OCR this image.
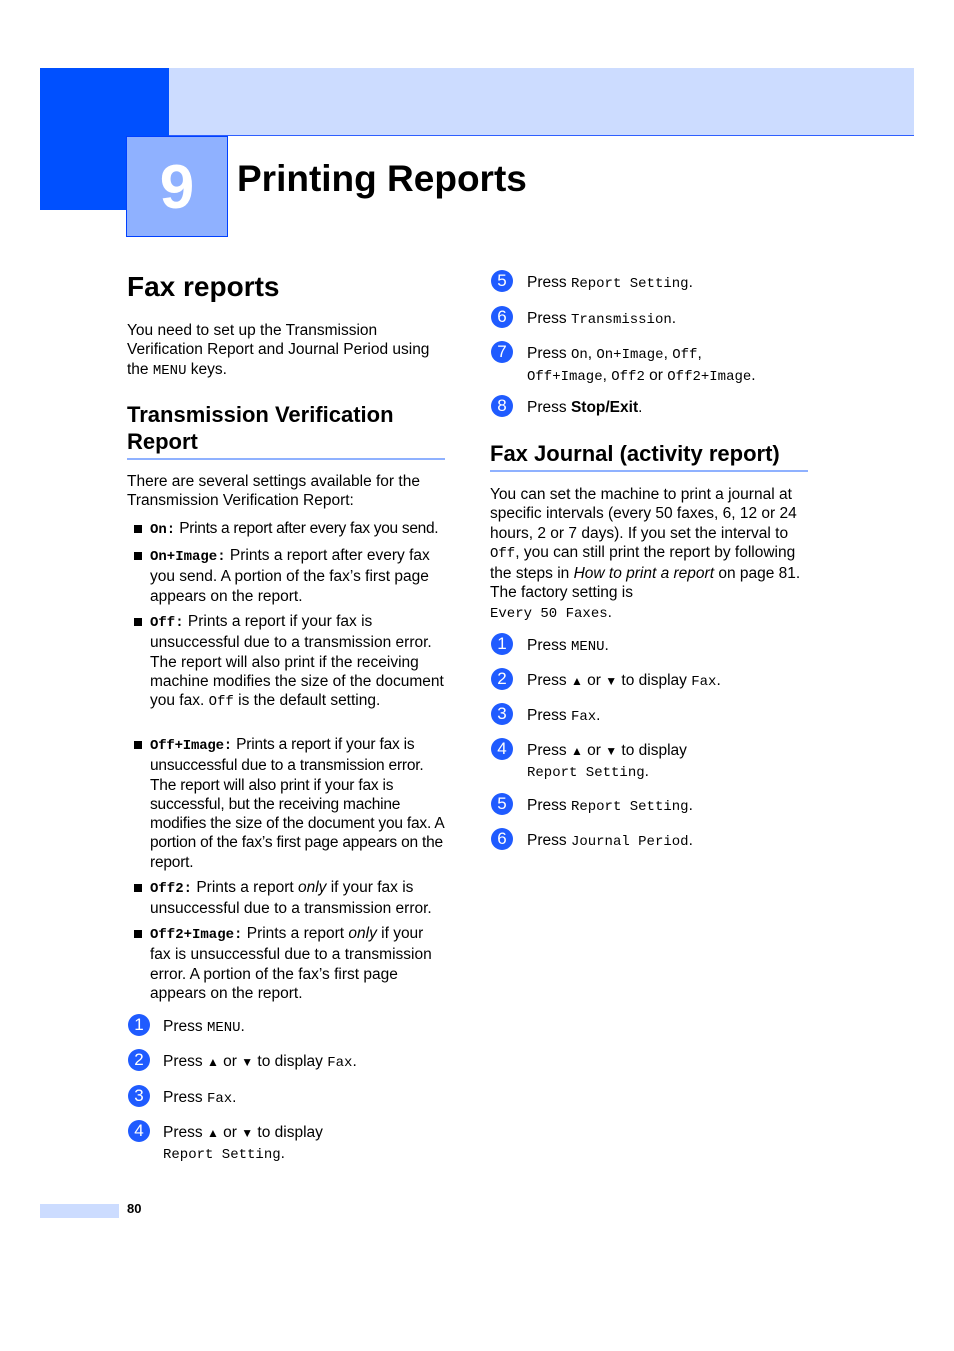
9	Printing Reports
Fax reports
You need to set up the Transmission Verification Report and Journal Period using the MENU keys.
Transmission Verification
Report
There are several settings available for the Transmission Verification Report:
On: Prints a report after every fax you send.
On+Image: Prints a report after every fax you send. A portion of the fax’s first page appears on the report.
Off: Prints a report if your fax is unsuccessful due to a transmission error. The report will also print if the receiving machine modifies the size of the document you fax. Off is the default setting.
Off+Image: Prints a report if your fax is unsuccessful due to a transmission error. The report will also print if your fax is successful, but the receiving machine modifies the size of the document you fax. A portion of the fax’s first page appears on the report.
Off2: Prints a report only if your fax is unsuccessful due to a transmission error.
Off2+Image: Prints a report only if your fax is unsuccessful due to a transmission error. A portion of the fax’s first page appears on the report.
1	Press MENU.
2	Press ▲ or ▼ to display Fax.
3	Press Fax.
4	Press ▲ or ▼ to display
Report Setting.
5	Press Report Setting.
6	Press Transmission.
7	Press On, On+Image, Off,
Off+Image, Off2 or Off2+Image.
8	Press Stop/Exit.
Fax Journal (activity report)
You can set the machine to print a journal at specific intervals (every 50 faxes, 6, 12 or 24 hours, 2 or 7 days). If you set the interval to Off, you can still print the report by following the steps in How to print a report on page 81. The factory setting is
Every 50 Faxes.
1	Press MENU.
2	Press ▲ or ▼ to display Fax.
3	Press Fax.
4	Press ▲ or ▼ to display
Report Setting.
5	Press Report Setting.
6	Press Journal Period.
80
